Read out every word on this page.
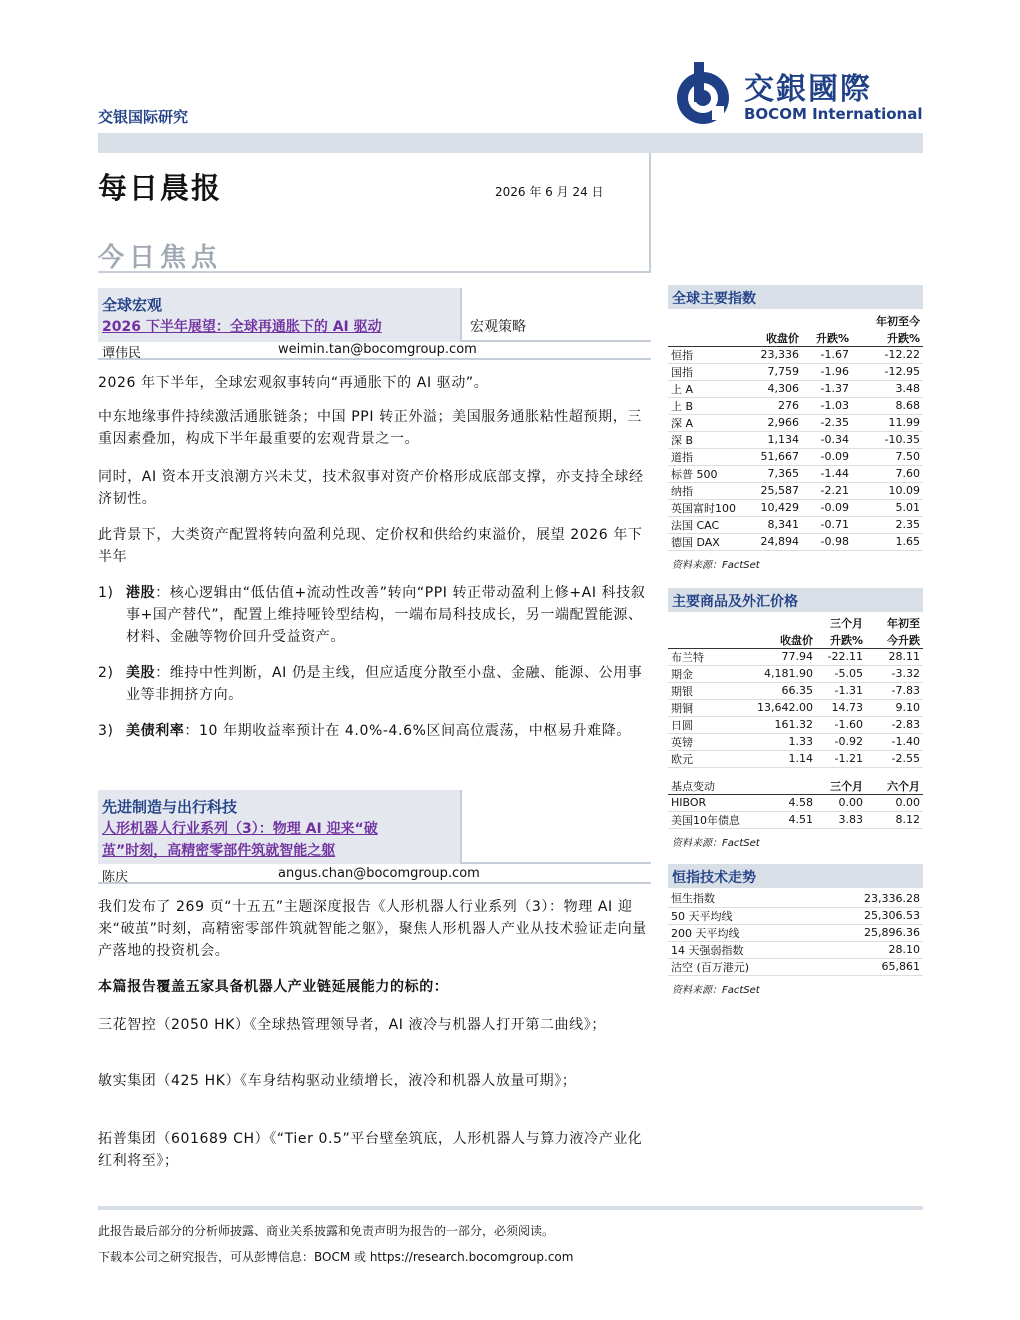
交银国际研究
交銀國際
BOCOM International
每日晨报	2026 年 6 月 24 日
今日焦点
全球宏观
2026 下半年展望：全球再通胀下的 AI 驱动	宏观策略
谭伟民	weimin.tan@bocomgroup.com
2026 年下半年，全球宏观叙事转向“再通胀下的 AI 驱动”。
中东地缘事件持续激活通胀链条；中国 PPI 转正外溢；美国服务通胀粘性超预期，三重因素叠加，构成下半年最重要的宏观背景之一。
同时，AI 资本开支浪潮方兴未艾，技术叙事对资产价格形成底部支撑，亦支持全球经济韧性。
此背景下，大类资产配置将转向盈利兑现、定价权和供给约束溢价，展望 2026 年下半年
1) 港股：核心逻辑由“低估值+流动性改善”转向“PPI 转正带动盈利上修+AI 科技叙事+国产替代”，配置上维持哑铃型结构，一端布局科技成长，另一端配置能源、材料、金融等物价回升受益资产。
2) 美股：维持中性判断，AI 仍是主线，但应适度分散至小盘、金融、能源、公用事业等非拥挤方向。
3) 美债利率：10 年期收益率预计在 4.0%-4.6%区间高位震荡，中枢易升难降。
先进制造与出行科技
人形机器人行业系列（3）：物理 AI 迎来“破
茧”时刻，高精密零部件筑就智能之躯
陈庆	angus.chan@bocomgroup.com
我们发布了 269 页“十五五”主题深度报告《人形机器人行业系列（3）：物理 AI 迎来“破茧”时刻，高精密零部件筑就智能之躯》，聚焦人形机器人产业从技术验证走向量产落地的投资机会。
本篇报告覆盖五家具备机器人产业链延展能力的标的：
三花智控（2050 HK）《全球热管理领导者，AI 液冷与机器人打开第二曲线》；
敏实集团（425 HK）《车身结构驱动业绩增长，液冷和机器人放量可期》；
拓普集团（601689 CH）《“Tier 0.5”平台壁垒筑底，人形机器人与算力液冷产业化红利将至》；
全球主要指数
			年初至今
	收盘价	升跌%	升跌%
恒指	23,336	-1.67	-12.22
国指	7,759	-1.96	-12.95
上 A	4,306	-1.37	3.48
上 B	276	-1.03	8.68
深 A	2,966	-2.35	11.99
深 B	1,134	-0.34	-10.35
道指	51,667	-0.09	7.50
标普 500	7,365	-1.44	7.60
纳指	25,587	-2.21	10.09
英国富时100	10,429	-0.09	5.01
法国 CAC	8,341	-0.71	2.35
德国 DAX	24,894	-0.98	1.65
资料来源：FactSet
主要商品及外汇价格
		三个月	年初至
	收盘价	升跌%	今升跌
布兰特	77.94	-22.11	28.11
期金	4,181.90	-5.05	-3.32
期银	66.35	-1.31	-7.83
期铜	13,642.00	14.73	9.10
日圆	161.32	-1.60	-2.83
英镑	1.33	-0.92	-1.40
欧元	1.14	-1.21	-2.55

基点变动		三个月	六个月
HIBOR	4.58	0.00	0.00
美国10年债息	4.51	3.83	8.12
资料来源：FactSet
恒指技术走势
恒生指数	23,336.28
50 天平均线	25,306.53
200 天平均线	25,896.36
14 天强弱指数	28.10
沽空 (百万港元)	65,861
资料来源：FactSet
此报告最后部分的分析师披露、商业关系披露和免责声明为报告的一部分，必须阅读。
下载本公司之研究报告，可从彭博信息：BOCM 或 https://research.bocomgroup.com
